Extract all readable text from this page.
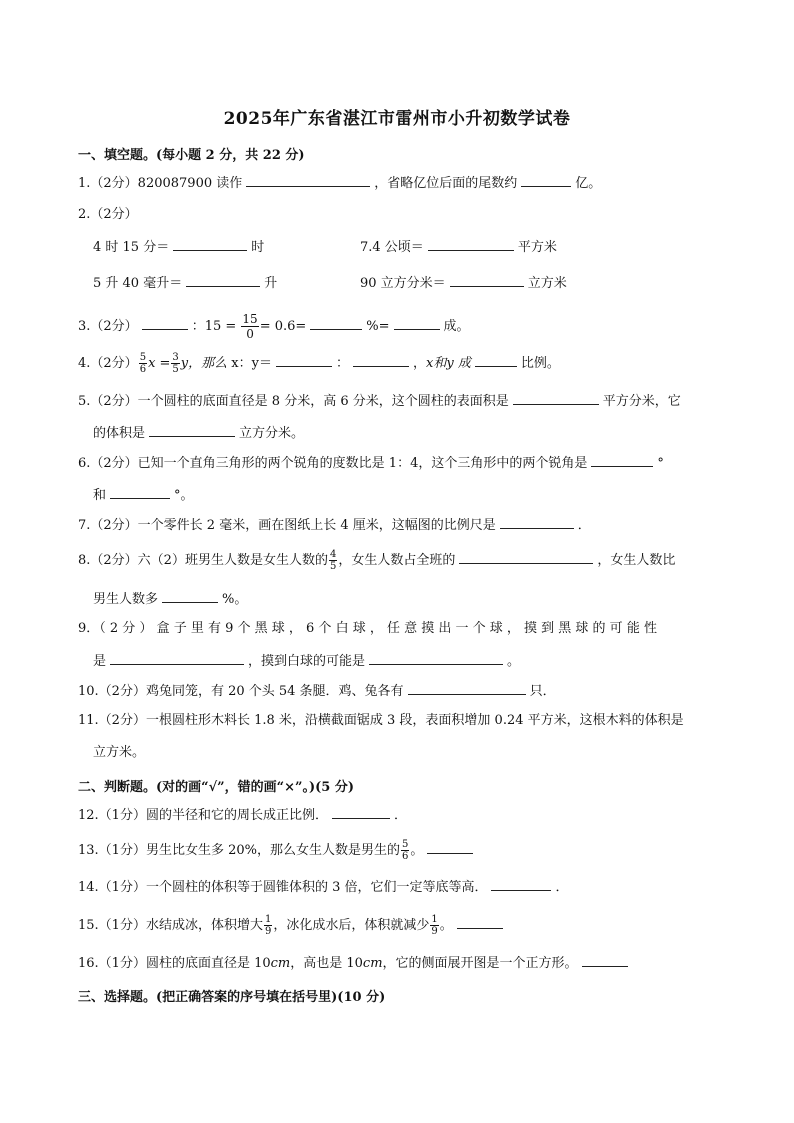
2025年广东省湛江市雷州市小升初数学试卷
一、填空题。(每小题 2 分，共 22 分)
1.（2分）820087900 读作	，省略亿位后面的尾数约	亿。
2.（2分）
4 时 15 分＝	时	7.4 公顷＝	平方米
5 升 40 毫升＝	升	90 立方分米＝	立方米
3.（2分）	：$15 = \frac{15}{0} = 0.6=$	%=	成。
4.（2分） $\frac{5}{6}$ $x = \frac{3}{5}$ y，那么 x：y＝	：	，x和y 成	比例。
5.（2分）一个圆柱的底面直径是 8 分米，高 6 分米，这个圆柱的表面积是	平方分米，它
的体积是	立方分米。
6.（2分）已知一个直角三角形的两个锐角的度数比是 1：4，这个三角形中的两个锐角是	°
和	°。
7.（2分）一个零件长 2 毫米，画在图纸上长 4 厘米，这幅图的比例尺是	．
8.（2分）六（2）班男生人数是女生人数的 $\frac{4}{5}$ ，女生人数占全班的	，女生人数比
男生人数多	%。
9．（ 2 分 ） 盒 子 里 有 9 个 黑 球 ， 6 个 白 球 ， 任 意 摸 出 一 个 球 ， 摸 到 黑 球 的 可 能 性
是	，摸到白球的可能是	。
10.（2分）鸡兔同笼，有 20 个头 54 条腿．鸡、兔各有	只．
11.（2分）一根圆柱形木料长 1.8 米，沿横截面锯成 3 段，表面积增加 0.24 平方米，这根木料的体积是
立方米。
二、判断题。(对的画“√”，错的画“×”。)(5 分)
12.（1分）圆的半径和它的周长成正比例．	．
13.（1分）男生比女生多 20%，那么女生人数是男生的 $\frac{5}{6}$ 。
14.（1分）一个圆柱的体积等于圆锥体积的 3 倍，它们一定等底等高．	．
15.（1分）水结成冰，体积增大 $\frac{1}{9}$ ，冰化成水后，体积就减少 $\frac{1}{9}$ 。
16.（1分）圆柱的底面直径是 10cm，高也是 10cm，它的侧面展开图是一个正方形。
三、选择题。(把正确答案的序号填在括号里)(10 分)
